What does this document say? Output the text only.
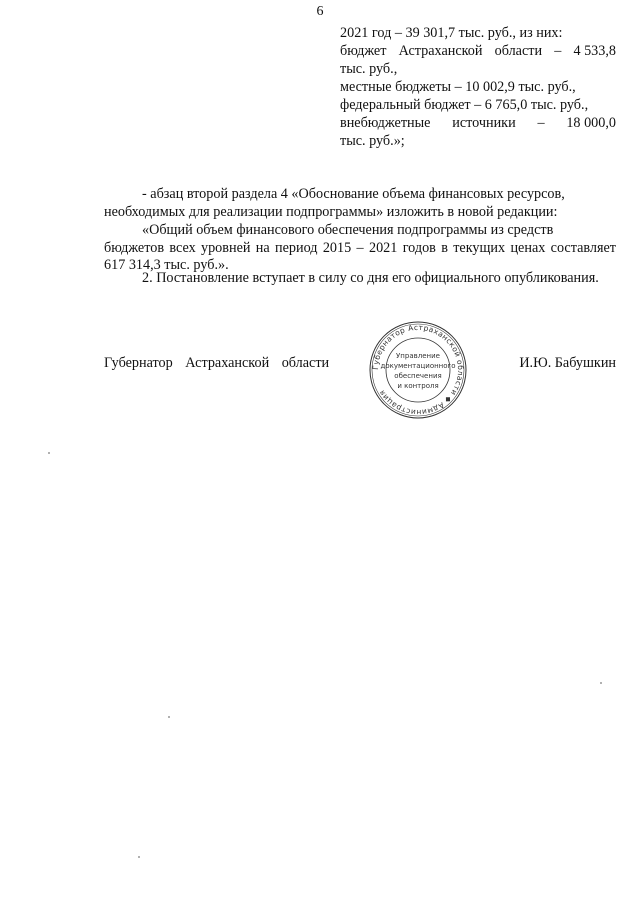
6
2021 год – 39 301,7 тыс. руб., из них:
бюджет Астраханской области – 4 533,8
тыс. руб.,
местные бюджеты – 10 002,9 тыс. руб.,
федеральный бюджет – 6 765,0 тыс. руб.,
внебюджетные источники – 18 000,0
тыс. руб.»;
- абзац второй раздела 4 «Обоснование объема финансовых ресурсов,
необходимых для реализации подпрограммы» изложить в новой редакции:
«Общий объем финансового обеспечения подпрограммы из средств
бюджетов всех уровней на период 2015 – 2021 годов в текущих ценах составляет 617 314,3 тыс. руб.».
2. Постановление вступает в силу со дня его официального опубликования.
Губернатор Астраханской области	И.Ю. Бабушкин
Губернатор Астраханской области ◆ Администрация
Управление
документационного
обеспечения
и контроля
